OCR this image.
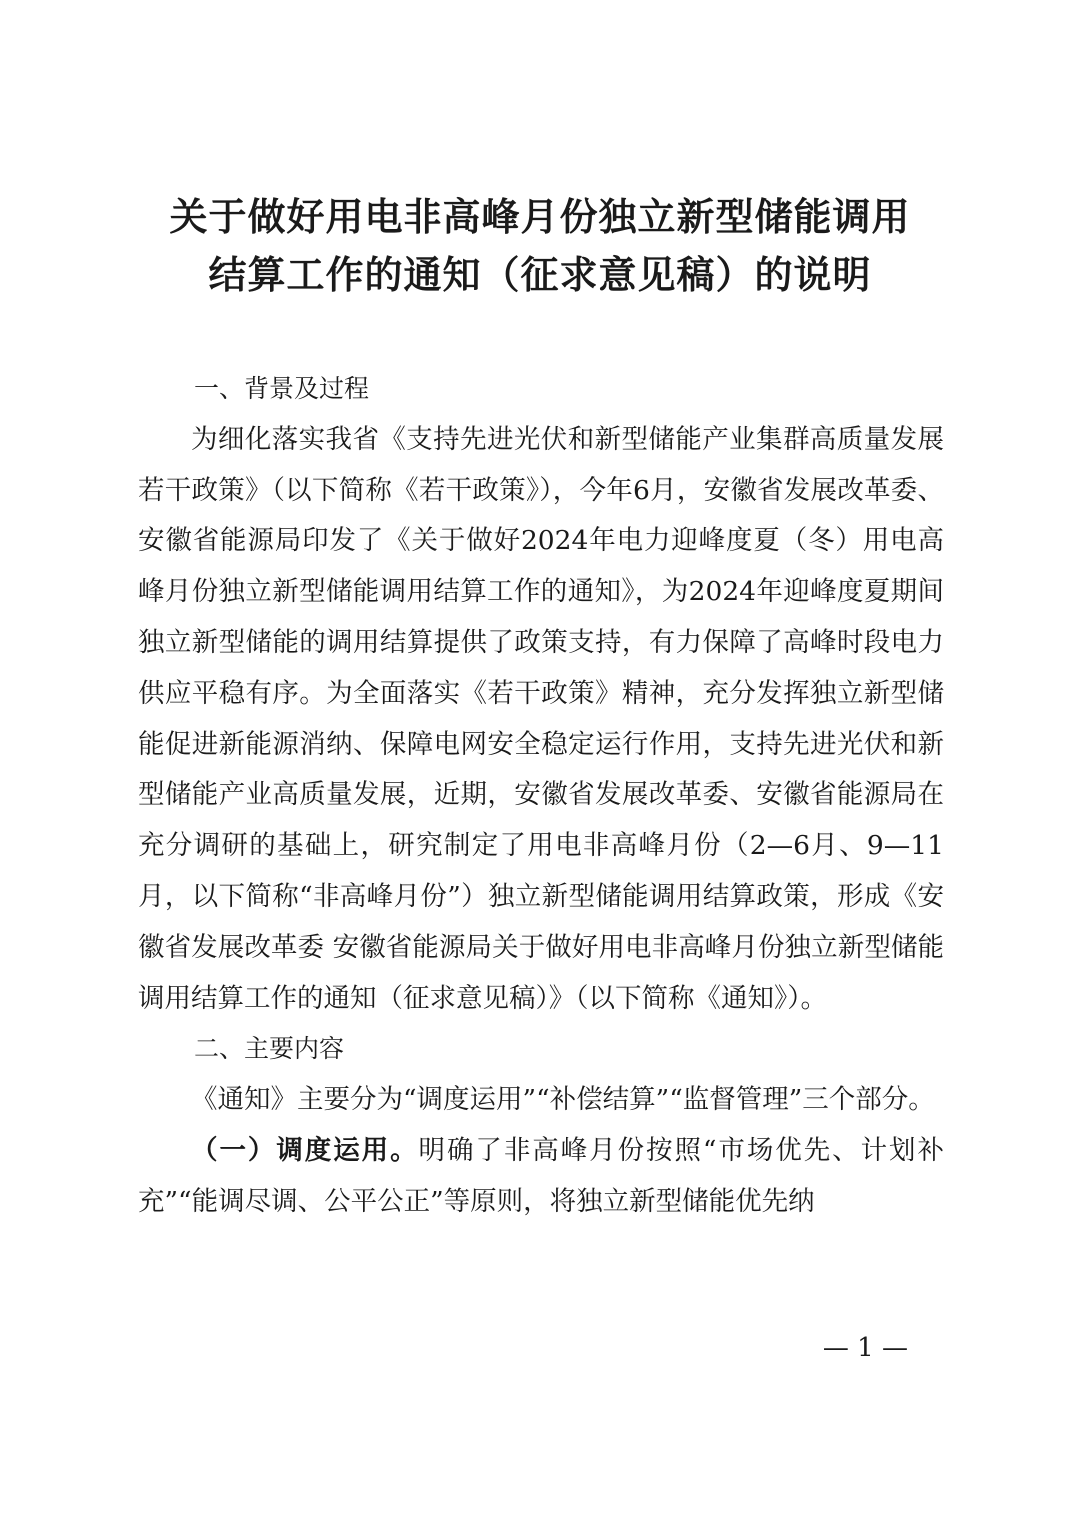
关于做好用电非高峰月份独立新型储能调用
结算工作的通知（征求意见稿）的说明

一、背景及过程

为细化落实我省《支持先进光伏和新型储能产业集群高质量发展若干政策》（以下简称《若干政策》），今年6月，安徽省发展改革委、安徽省能源局印发了《关于做好2024年电力迎峰度夏（冬）用电高峰月份独立新型储能调用结算工作的通知》，为2024年迎峰度夏期间独立新型储能的调用结算提供了政策支持，有力保障了高峰时段电力供应平稳有序。为全面落实《若干政策》精神，充分发挥独立新型储能促进新能源消纳、保障电网安全稳定运行作用，支持先进光伏和新型储能产业高质量发展，近期，安徽省发展改革委、安徽省能源局在充分调研的基础上，研究制定了用电非高峰月份（2—6月、9—11月，以下简称“非高峰月份”）独立新型储能调用结算政策，形成《安徽省发展改革委 安徽省能源局关于做好用电非高峰月份独立新型储能调用结算工作的通知（征求意见稿）》（以下简称《通知》）。

二、主要内容

《通知》主要分为“调度运用”“补偿结算”“监督管理”三个部分。

（一）调度运用。明确了非高峰月份按照“市场优先、计划补充”“能调尽调、公平公正”等原则，将独立新型储能优先纳

— 1 —
